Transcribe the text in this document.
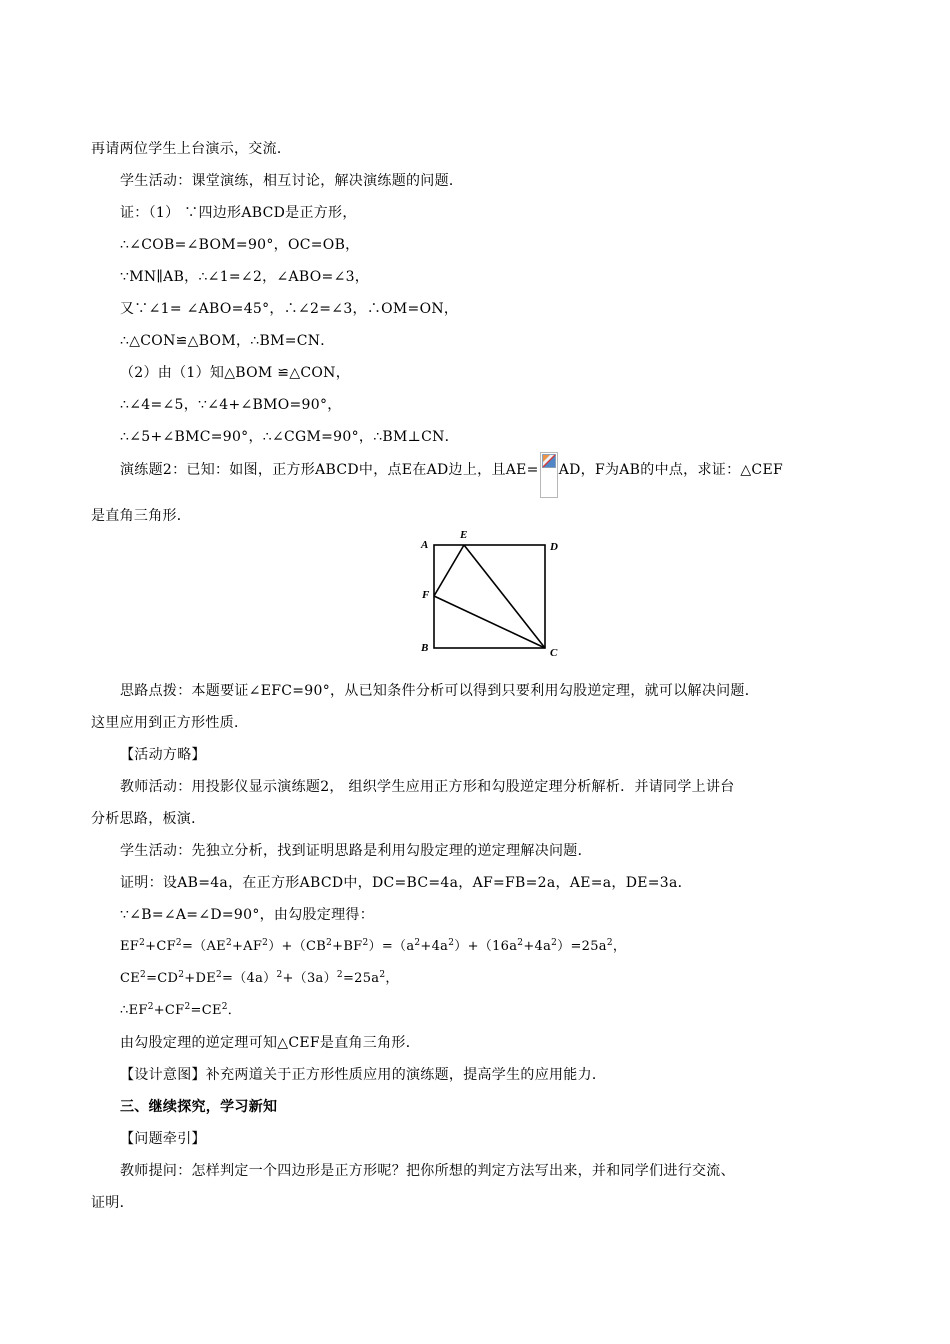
再请两位学生上台演示，交流．
学生活动：课堂演练，相互讨论，解决演练题的问题．
证：（1） ∵四边形ABCD是正方形，
∴∠COB=∠BOM=90°，OC=OB，
∵MN∥AB，∴∠1=∠2，∠ABO=∠3，
又∵∠1= ∠ABO=45°，∴∠2=∠3，∴OM=ON，
∴△CON≌△BOM，∴BM=CN．
（2）由（1）知△BOM ≌△CON，
∴∠4=∠5，∵∠4+∠BMO=90°，
∴∠5+∠BMC=90°，∴∠CGM=90°，∴BM⊥CN．
演练题2：已知：如图，正方形ABCD中，点E在AD边上，且AE= AD，F为AB的中点，求证：△CEF
是直角三角形．
A
E
D
F
B	C
思路点拨：本题要证∠EFC=90°，从已知条件分析可以得到只要利用勾股逆定理，就可以解决问题．
这里应用到正方形性质．
【活动方略】
教师活动：用投影仪显示演练题2， 组织学生应用正方形和勾股逆定理分析解析．并请同学上讲台
分析思路，板演．
学生活动：先独立分析，找到证明思路是利用勾股定理的逆定理解决问题．
证明：设AB=4a，在正方形ABCD中，DC=BC=4a，AF=FB=2a，AE=a，DE=3a．
∵∠B=∠A=∠D=90°，由勾股定理得：
$EF^2+CF^2=(AE^2+AF^2)+(CB^2+BF^2)=(a^2+4a^2)+(16a^2+4a^2)=25a^2$，
$CE^2=CD^2+DE^2=(4a)^2+(3a)^2=25a^2$，
$\therefore EF^2+CF^2=CE^2$．
由勾股定理的逆定理可知△CEF是直角三角形．
【设计意图】补充两道关于正方形性质应用的演练题，提高学生的应用能力．
三、继续探究，学习新知
【问题牵引】
教师提问：怎样判定一个四边形是正方形呢？把你所想的判定方法写出来，并和同学们进行交流、
证明．
